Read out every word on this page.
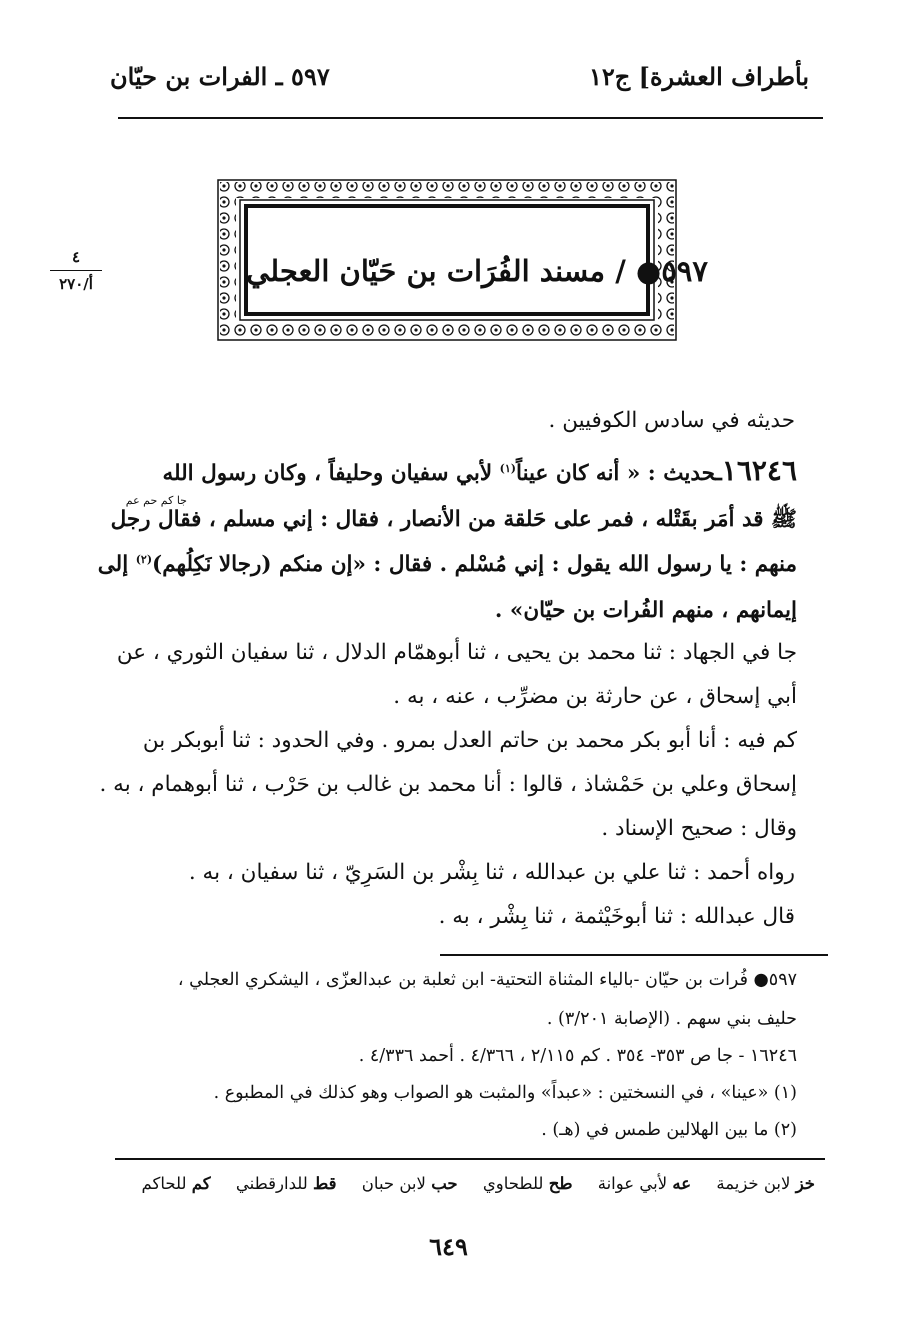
بأطراف العشرة] ج١٢
٥٩٧ ـ الفرات بن حيّان
٥٩٧● / مسند الفُرَات بن حَيّان العجلي
٤
أ/٢٧٠
حديثه في سادس الكوفيين .
١٦٢٤٦ـحديث : « أنه كان عيناً$^{(١)}$ لأبي سفيان وحليفاً ، وكان رسول الله
جا كم حم عم
ﷺ قد أمَر بقَتْله ، فمر على حَلقة من الأنصار ، فقال : إني مسلم ، فقال رجل
منهم : يا رسول الله يقول : إني مُسْلم . فقال : «إن منكم (رجالا نَكِلُهم)$^{(٢)}$ إلى
إيمانهم ، منهم الفُرات بن حيّان» .
جا في الجهاد : ثنا محمد بن يحيى ، ثنا أبوهمّام الدلال ، ثنا سفيان الثوري ، عن
أبي إسحاق ، عن حارثة بن مضرِّب ، عنه ، به .
كم فيه : أنا أبو بكر محمد بن حاتم العدل بمرو . وفي الحدود : ثنا أبوبكر بن
إسحاق وعلي بن حَمْشاذ ، قالوا : أنا محمد بن غالب بن حَرْب ، ثنا أبوهمام ، به .
وقال : صحيح الإسناد .
رواه أحمد : ثنا علي بن عبدالله ، ثنا بِشْر بن السَرِيّ ، ثنا سفيان ، به .
قال عبدالله : ثنا أبوخَيْثمة ، ثنا بِشْر ، به .
٥٩٧● فُرات بن حيّان -بالياء المثناة التحتية- ابن ثعلبة بن عبدالعزّى ، اليشكري العجلي ،
حليف بني سهم . (الإصابة ٣/٢٠١) .
١٦٢٤٦ - جا ص ٣٥٣- ٣٥٤ . كم ٢/١١٥ ، ٤/٣٦٦ . أحمد ٤/٣٣٦ .
(١) «عينا» ، في النسختين : «عبداً» والمثبت هو الصواب وهو كذلك في المطبوع .
(٢) ما بين الهلالين طمس في (هـ) .
خز لابن خزيمة عه لأبي عوانة طح للطحاوي حب لابن حبان قط للدارقطني كم للحاكم
٦٤٩
